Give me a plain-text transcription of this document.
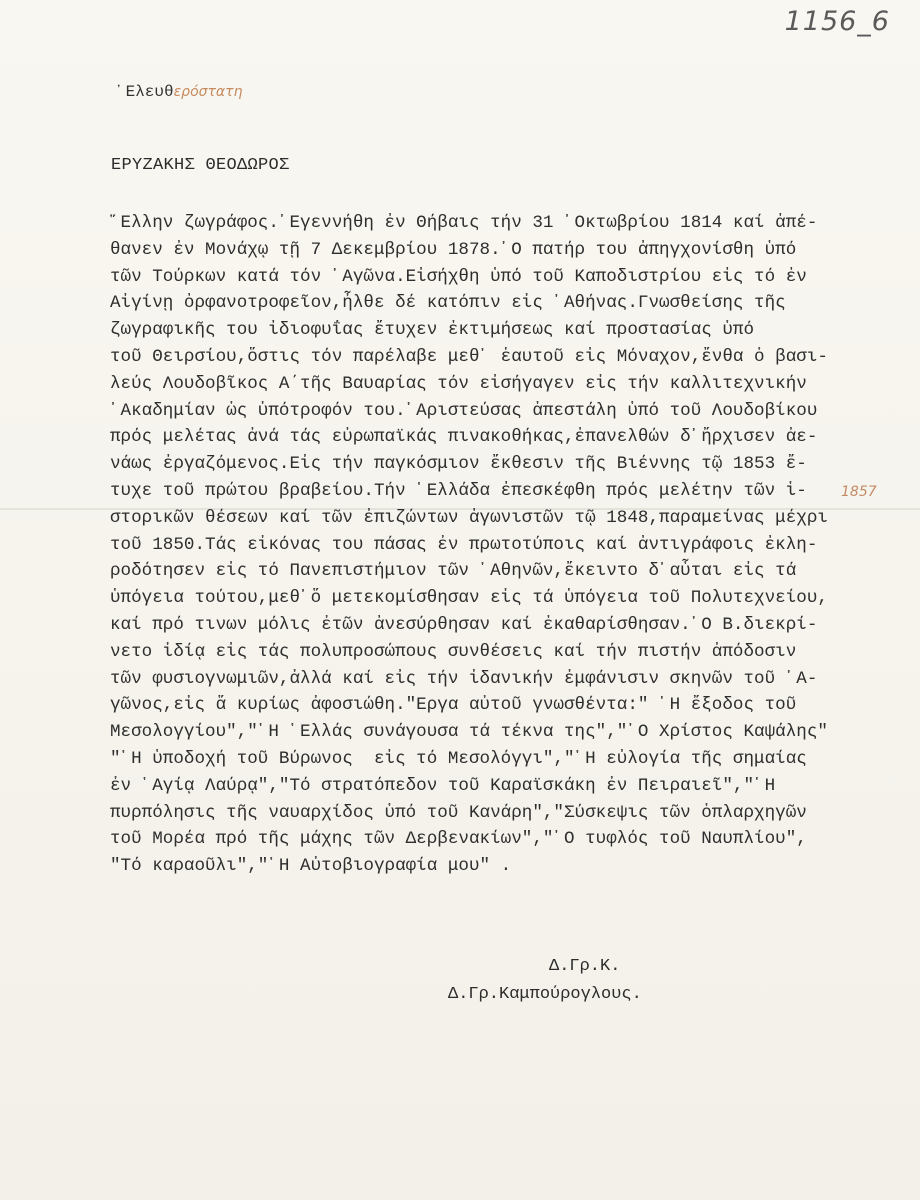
1156_6
᾿Ελευθερόστατη
ΕΡΥΖΑΚΗΣ ΘΕΟΔΩΡΟΣ
῞Ελλην ζωγράφος.᾿Εγεννήθη ἐν Θήβαις τήν 31 ᾿Οκτωβρίου 1814 καί ἀπέ-
θανεν ἐν Μονάχῳ τῇ 7 Δεκεμβρίου 1878.᾿Ο πατήρ του ἀπηγχονίσθη ὑπό
τῶν Τούρκων κατά τόν ᾿Αγῶνα.Εἰσήχθη ὑπό τοῦ Καποδιστρίου εἰς τό ἐν
Αἰγίνῃ ὀρφανοτροφεῖον,ἦλθε δέ κατόπιν εἰς ᾿Αθήνας.Γνωσθείσης τῆς
ζωγραφικῆς του ἰδιοφυΐας ἔτυχεν ἐκτιμήσεως καί προστασίας ὑπό
τοῦ Θειρσίου,ὅστις τόν παρέλαβε μεθ᾿ ἑαυτοῦ εἰς Μόναχον,ἔνθα ὁ βασι-
λεύς Λουδοβῖκος Α΄τῆς Βαυαρίας τόν εἰσήγαγεν εἰς τήν καλλιτεχνικήν
᾿Ακαδημίαν ὡς ὑπότροφόν του.᾿Αριστεύσας ἀπεστάλη ὑπό τοῦ Λουδοβίκου
πρός μελέτας ἀνά τάς εὐρωπαϊκάς πινακοθήκας,ἐπανελθών δ᾿ἤρχισεν ἀε-
νάως ἐργαζόμενος.Εἰς τήν παγκόσμιον ἔκθεσιν τῆς Βιέννης τῷ 1853 ἔ-
τυχε τοῦ πρώτου βραβείου.Τήν ῾Ελλάδα ἐπεσκέφθη πρός μελέτην τῶν ἱ-
στορικῶν θέσεων καί τῶν ἐπιζώντων ἀγωνιστῶν τῷ 1848,παραμείνας μέχρι
τοῦ 1850.Τάς εἰκόνας του πάσας ἐν πρωτοτύποις καί ἀντιγράφοις ἐκλη-
ροδότησεν εἰς τό Πανεπιστήμιον τῶν ᾿Αθηνῶν,ἔκειντο δ᾿αὗται εἰς τά
ὑπόγεια τούτου,μεθ᾿ὅ μετεκομίσθησαν εἰς τά ὑπόγεια τοῦ Πολυτεχνείου,
καί πρό τινων μόλις ἐτῶν ἀνεσύρθησαν καί ἐκαθαρίσθησαν.᾿Ο Β.διεκρί-
νετο ἰδίᾳ εἰς τάς πολυπροσώπους συνθέσεις καί τήν πιστήν ἀπόδοσιν
τῶν φυσιογνωμιῶν,ἀλλά καί εἰς τήν ἰδανικήν ἐμφάνισιν σκηνῶν τοῦ ᾿Α-
γῶνος,εἰς ἅ κυρίως ἀφοσιώθη."Εργα αὐτοῦ γνωσθέντα:" ῾Η ἔξοδος τοῦ
Μεσολογγίου","῾Η ῾Ελλάς συνάγουσα τά τέκνα της","᾿Ο Χρίστος Καψάλης"
"῾Η ὑποδοχή τοῦ Βύρωνος  εἰς τό Μεσολόγγι","῾Η εὐλογία τῆς σημαίας
ἐν ῾Αγίᾳ Λαύρᾳ","Τό στρατόπεδον τοῦ Καραϊσκάκη ἐν Πειραιεῖ","῾Η
πυρπόλησις τῆς ναυαρχίδος ὑπό τοῦ Κανάρη","Σύσκεψις τῶν ὁπλαρχηγῶν
τοῦ Μορέα πρό τῆς μάχης τῶν Δερβενακίων","᾿Ο τυφλός τοῦ Ναυπλίου",
"Τό καραοῦλι","῾Η Αὐτοβιογραφία μου" .
1857
Δ.Γρ.Κ.
Δ.Γρ.Καμπούρογλους.
